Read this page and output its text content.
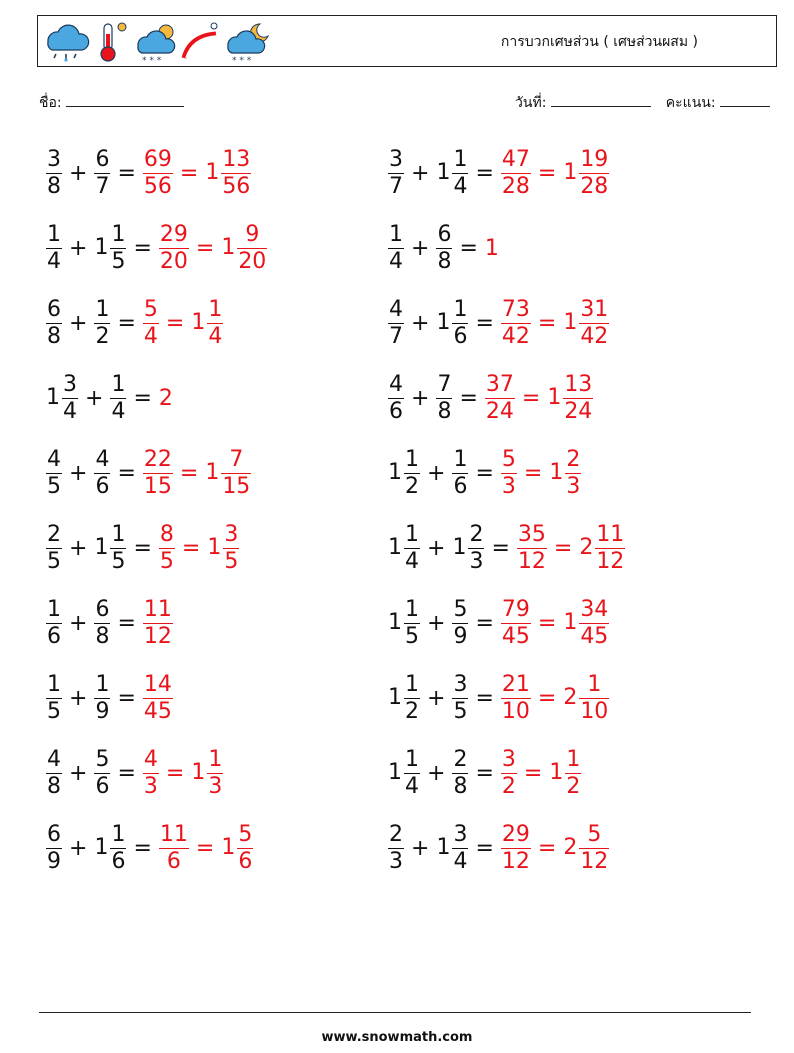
* * *	* * *
การบวกเศษส่วน ( เศษส่วนผสม )
ชื่อ:	วันที่:	คะแนน:
$\frac{3}{8} + \frac{6}{7} = \frac{69}{56} = 1 \frac{13}{56}$
$\frac{1}{4} + 1 \frac{1}{5} = \frac{29}{20} = 1 \frac{9}{20}$
$\frac{6}{8} + \frac{1}{2} = \frac{5}{4} = 1 \frac{1}{4}$
$1 \frac{3}{4} + \frac{1}{4} = 2$
$\frac{4}{5} + \frac{4}{6} = \frac{22}{15} = 1 \frac{7}{15}$
$\frac{2}{5} + 1 \frac{1}{5} = \frac{8}{5} = 1 \frac{3}{5}$
$\frac{1}{6} + \frac{6}{8} = \frac{11}{12}$
$\frac{1}{5} + \frac{1}{9} = \frac{14}{45}$
$\frac{4}{8} + \frac{5}{6} = \frac{4}{3} = 1 \frac{1}{3}$
$\frac{6}{9} + 1 \frac{1}{6} = \frac{11}{6} = 1 \frac{5}{6}$
$\frac{3}{7} + 1 \frac{1}{4} = \frac{47}{28} = 1 \frac{19}{28}$
$\frac{1}{4} + \frac{6}{8} = 1$
$\frac{4}{7} + 1 \frac{1}{6} = \frac{73}{42} = 1 \frac{31}{42}$
$\frac{4}{6} + \frac{7}{8} = \frac{37}{24} = 1 \frac{13}{24}$
$1 \frac{1}{2} + \frac{1}{6} = \frac{5}{3} = 1 \frac{2}{3}$
$1 \frac{1}{4} + 1 \frac{2}{3} = \frac{35}{12} = 2 \frac{11}{12}$
$1 \frac{1}{5} + \frac{5}{9} = \frac{79}{45} = 1 \frac{34}{45}$
$1 \frac{1}{2} + \frac{3}{5} = \frac{21}{10} = 2 \frac{1}{10}$
$1 \frac{1}{4} + \frac{2}{8} = \frac{3}{2} = 1 \frac{1}{2}$
$\frac{2}{3} + 1 \frac{3}{4} = \frac{29}{12} = 2 \frac{5}{12}$
www.snowmath.com
